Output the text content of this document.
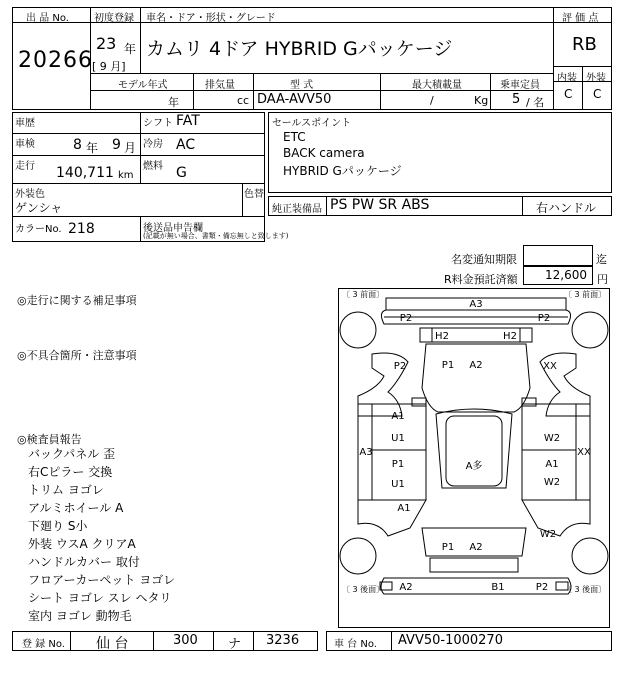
出 品 No.
20266
初度登録 車名・ドア・形状・グレード
23 年
[ 9 月]
カムリ 4ドア HYBRID Gパッケージ
評 価 点
RB
内装 外装
C C
モデル年式	排気量	型 式	最大積載量	乗車定員
年	cc DAA-AVV50	/	Kg 5 / 名
車歴	シフト FAT
車検	8 年 9 月 冷房 AC
走行 140,711 km
燃料 G
外装色
ゲンシャ
色替
カラーNo. 218	後送品申告欄
(記載が無い場合、書類・備忘無しと致します)
セールスポイント
ETC
BACK camera
HYBRID Gパッケージ
純正装備品 PS PW SR ABS	右ハンドル
名変通知期限	迄
R料金預託済額 12,600 円
◎走行に関する補足事項
◎不具合箇所・注意事項
◎検査員報告
バックパネル 歪
右Cピラー 交換
トリム ヨゴレ
アルミホイール A
下廻り S小
外装 ウスA クリアA
ハンドルカバー 取付
フロアーカーペット ヨゴレ
シート ヨゴレ スレ ヘタリ
室内 ヨゴレ 動物毛
〔 3 前面〕	〔 3 前面〕
〔 3 後面〕	〔 3 後面〕
A3
P2	P2
H2	H2
P2	P1 A2	XX
A1
U1	W2
A3
A多
P1
U1
A1
W2
XX
A1
W2
P1 A2
A2	B1	P2
登 録 No. 仙 台	300 ナ 3236	車 台 No. AVV50-1000270
